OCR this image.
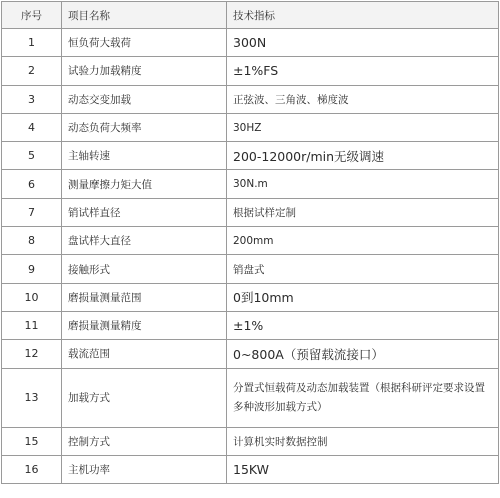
序号	项目名称	技术指标
1	恒负荷大载荷	300N
2	试验力加载精度	±1%FS
3	动态交变加载	正弦波、三角波、梯度波
4	动态负荷大频率	30HZ
5	主轴转速	200-12000r/min无级调速
6	测量摩擦力矩大值	30N.m
7	销试样直径	根据试样定制
8	盘试样大直径	200mm
9	接触形式	销盘式
10	磨损量测量范围	0到10mm
11	磨损量测量精度	±1%
12	载流范围	0~800A（预留载流接口）
13	加载方式	分置式恒载荷及动态加载装置（根据科研评定要求设置多种波形加载方式）
15	控制方式	计算机实时数据控制
16	主机功率	15KW
